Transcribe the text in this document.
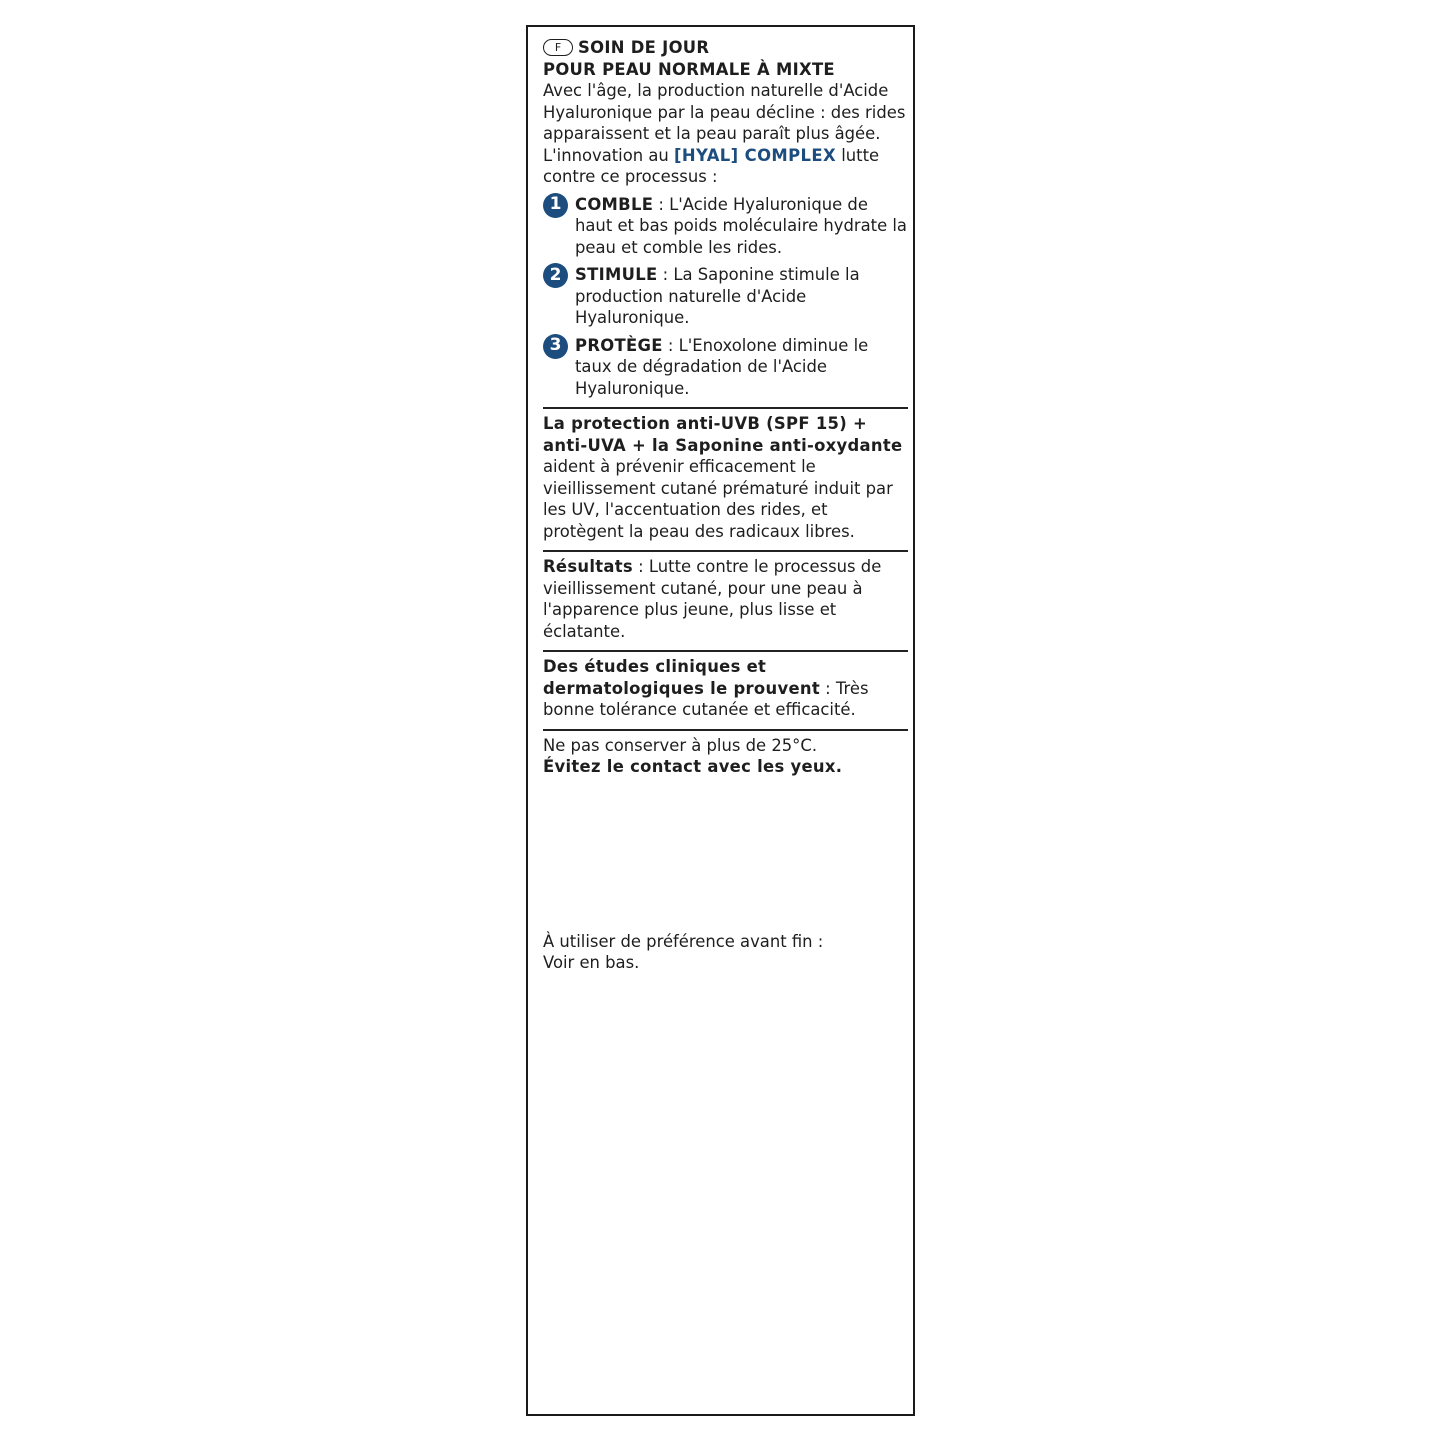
F	SOIN DE JOUR
POUR PEAU NORMALE À MIXTE

Avec l'âge, la production naturelle d'Acide Hyaluronique par la peau décline : des rides apparaissent et la peau paraît plus âgée. L'innovation au [HYAL] COMPLEX lutte contre ce processus :

1 COMBLE : L'Acide Hyaluronique de haut et bas poids moléculaire hydrate la peau et comble les rides.
2 STIMULE : La Saponine stimule la production naturelle d'Acide Hyaluronique.
3 PROTÈGE : L'Enoxolone diminue le taux de dégradation de l'Acide Hyaluronique.

La protection anti-UVB (SPF 15) + anti-UVA + la Saponine anti-oxydante aident à prévenir efficacement le vieillissement cutané prématuré induit par les UV, l'accentuation des rides, et protègent la peau des radicaux libres.

Résultats : Lutte contre le processus de vieillissement cutané, pour une peau à l'apparence plus jeune, plus lisse et éclatante.

Des études cliniques et dermatologiques le prouvent : Très bonne tolérance cutanée et efficacité.

Ne pas conserver à plus de 25°C.
Évitez le contact avec les yeux.

À utiliser de préférence avant fin :
Voir en bas.
